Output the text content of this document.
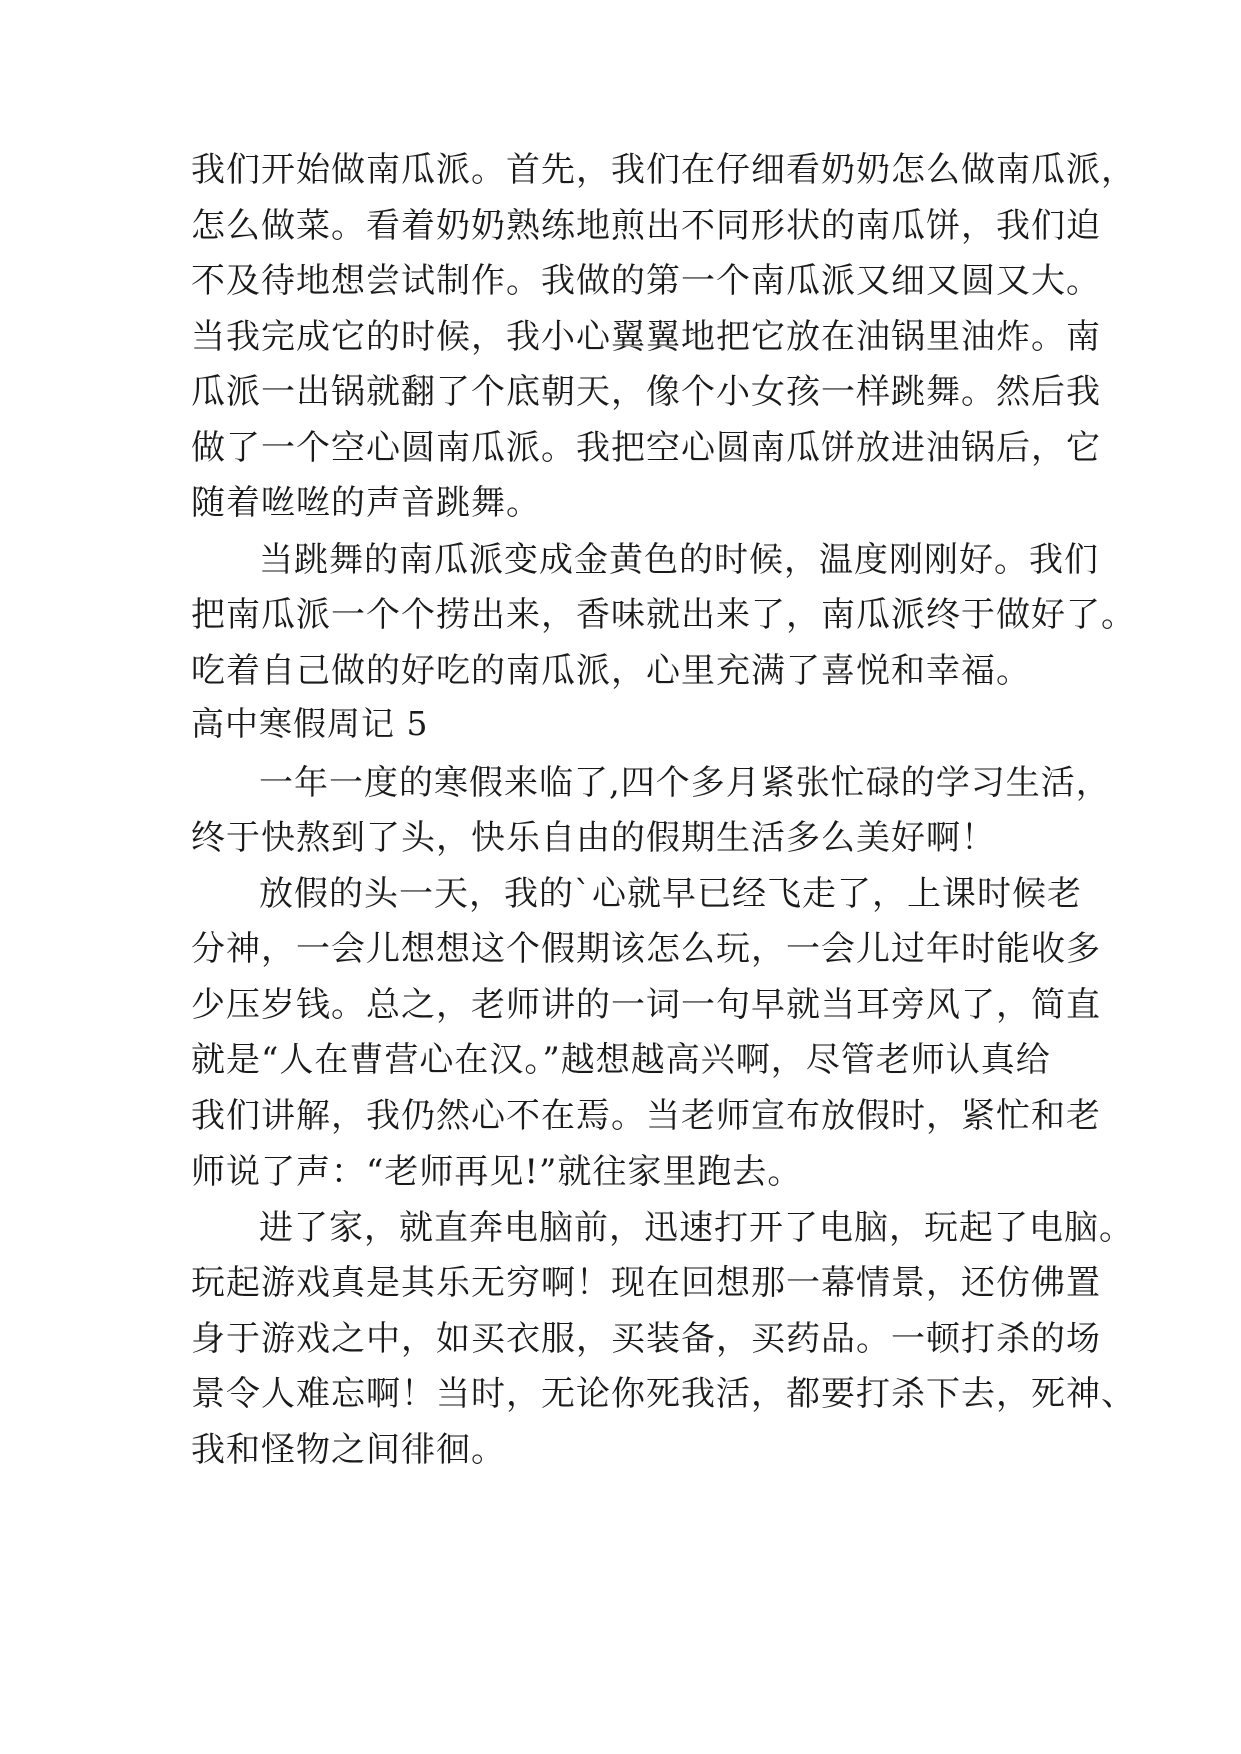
我们开始做南瓜派。首先，我们在仔细看奶奶怎么做南瓜派，
怎么做菜。看着奶奶熟练地煎出不同形状的南瓜饼，我们迫
不及待地想尝试制作。我做的第一个南瓜派又细又圆又大。
当我完成它的时候，我小心翼翼地把它放在油锅里油炸。南
瓜派一出锅就翻了个底朝天，像个小女孩一样跳舞。然后我
做了一个空心圆南瓜派。我把空心圆南瓜饼放进油锅后，它
随着咝咝的声音跳舞。
当跳舞的南瓜派变成金黄色的时候，温度刚刚好。我们
把南瓜派一个个捞出来，香味就出来了，南瓜派终于做好了。
吃着自己做的好吃的南瓜派，心里充满了喜悦和幸福。
高中寒假周记 5
一年一度的寒假来临了,四个多月紧张忙碌的学习生活，
终于快熬到了头，快乐自由的假期生活多么美好啊！
放假的头一天，我的`心就早已经飞走了，上课时候老
分神，一会儿想想这个假期该怎么玩，一会儿过年时能收多
少压岁钱。总之，老师讲的一词一句早就当耳旁风了，简直
就是“人在曹营心在汉。”越想越高兴啊，尽管老师认真给
我们讲解，我仍然心不在焉。当老师宣布放假时，紧忙和老
师说了声：“老师再见!”就往家里跑去。
进了家，就直奔电脑前，迅速打开了电脑，玩起了电脑。
玩起游戏真是其乐无穷啊！现在回想那一幕情景，还仿佛置
身于游戏之中，如买衣服，买装备，买药品。一顿打杀的场
景令人难忘啊！当时，无论你死我活，都要打杀下去，死神、
我和怪物之间徘徊。
